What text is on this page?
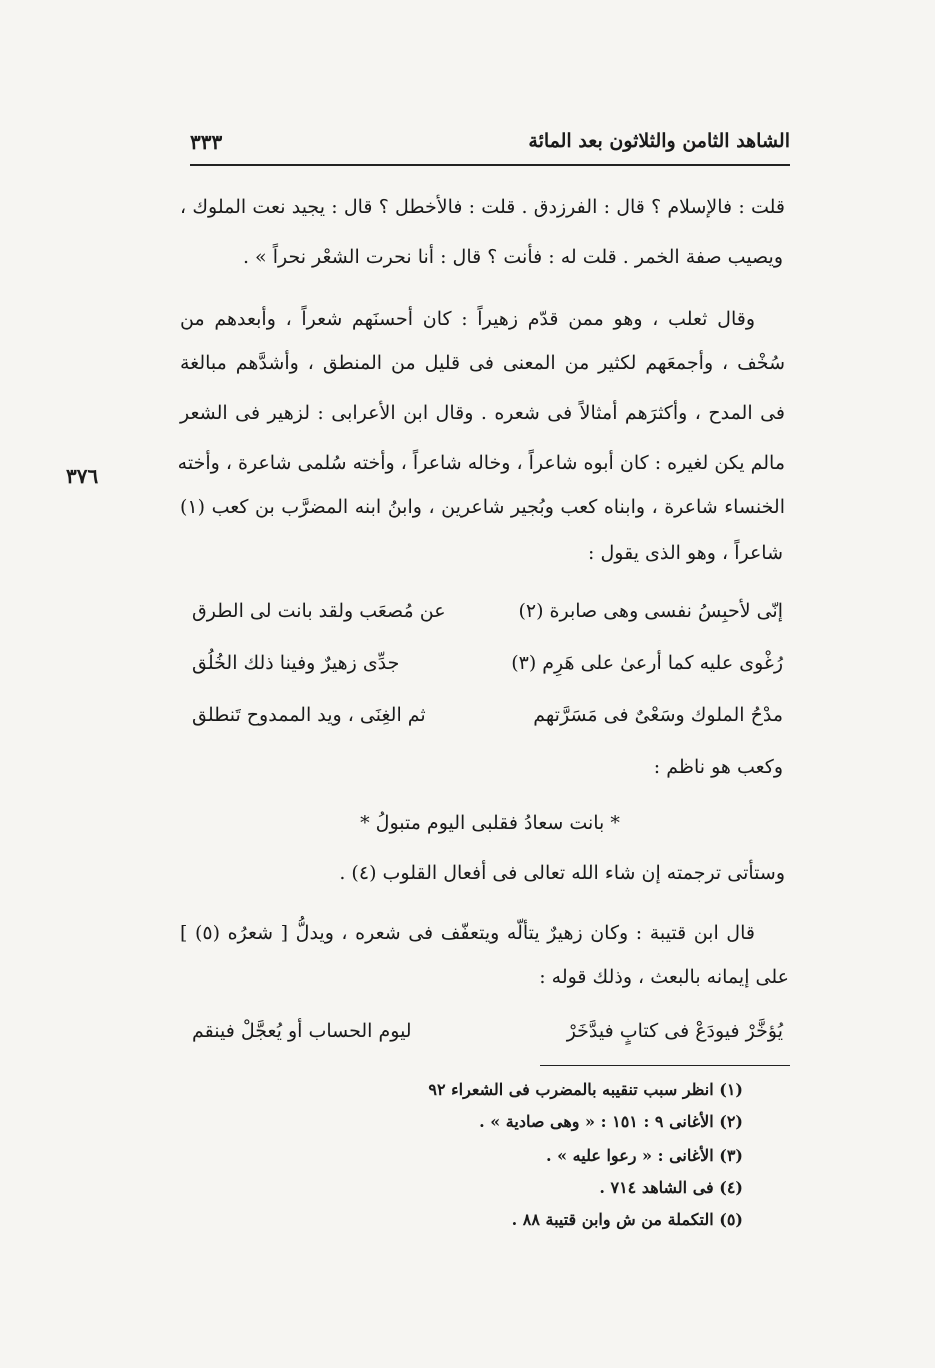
الشاهد الثامن والثلاثون بعد المائة
٣٣٣
٣٧٦
قلت : فالإسلام ؟ قال : الفرزدق . قلت : فالأخطل ؟ قال : يجيد نعت الملوك ،
ويصيب صفة الخمر . قلت له : فأنت ؟ قال : أنا نحرت الشعْر نحراً » .
وقال ثعلب ، وهو ممن قدّم زهيراً : كان أحسنَهم شعراً ، وأبعدهم من
سُخْف ، وأجمعَهم لكثير من المعنى فى قليل من المنطق ، وأشدَّهم مبالغة
فى المدح ، وأكثرَهم أمثالاً فى شعره . وقال ابن الأعرابى : لزهير فى الشعر
مالم يكن لغيره : كان أبوه شاعراً ، وخاله شاعراً ، وأخته سُلمى شاعرة ، وأخته
الخنساء شاعرة ، وابناه كعب وبُجير شاعرين ، وابنُ ابنه المضرَّب بن كعب (١)
شاعراً ، وهو الذى يقول :
إنّى لأحبِسُ نفسى وهى صابرة (٢)
عن مُصعَب ولقد بانت لى الطرق
رُغْوى عليه كما أرعىٰ على هَرِم (٣)
جدِّى زهيرٌ وفينا ذلك الخُلُق
مدْحُ الملوك وسَعْىٌ فى مَسَرَّتهم
ثم الغِنَى ، ويد الممدوح تَنطلق
وكعب هو ناظم :
* بانت سعادُ فقلبى اليوم متبولُ *
وستأتى ترجمته إن شاء الله تعالى فى أفعال القلوب (٤) .
قال ابن قتيبة : وكان زهيرٌ يتألّه ويتعفّف فى شعره ، ويدلُّ [ شعرُه (٥) ]
على إيمانه بالبعث ، وذلك قوله :
يُؤخَّرْ فيودَعْ فى كتابٍ فيدَّخَرْ
ليوم الحساب أو يُعجَّلْ فينقم
(١) انظر سبب تنقيبه بالمضرب فى الشعراء ٩٢
(٢) الأغانى ٩ : ١٥١ : « وهى صادية » .
(٣) الأغانى : « رعوا عليه » .
(٤) فى الشاهد ٧١٤ .
(٥) التكملة من ش وابن قتيبة ٨٨ .
